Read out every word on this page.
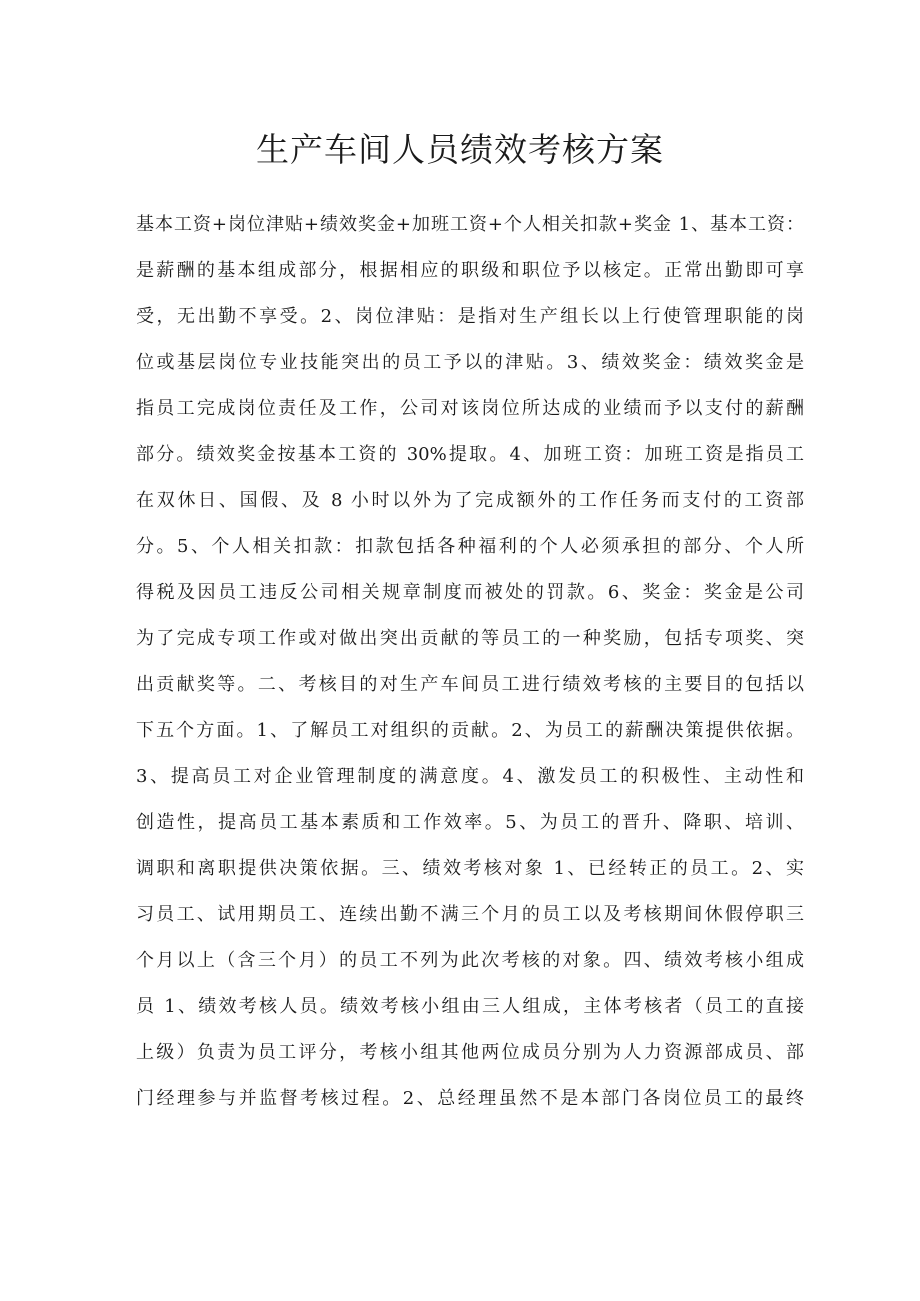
生产车间人员绩效考核方案
基本工资+岗位津贴+绩效奖金+加班工资+个人相关扣款+奖金 1、基本工资：
是薪酬的基本组成部分，根据相应的职级和职位予以核定。正常出勤即可享
受，无出勤不享受。2、岗位津贴：是指对生产组长以上行使管理职能的岗
位或基层岗位专业技能突出的员工予以的津贴。3、绩效奖金：绩效奖金是
指员工完成岗位责任及工作，公司对该岗位所达成的业绩而予以支付的薪酬
部分。绩效奖金按基本工资的 30%提取。4、加班工资：加班工资是指员工
在双休日、国假、及 8 小时以外为了完成额外的工作任务而支付的工资部
分。5、个人相关扣款：扣款包括各种福利的个人必须承担的部分、个人所
得税及因员工违反公司相关规章制度而被处的罚款。6、奖金：奖金是公司
为了完成专项工作或对做出突出贡献的等员工的一种奖励，包括专项奖、突
出贡献奖等。二、考核目的对生产车间员工进行绩效考核的主要目的包括以
下五个方面。1、了解员工对组织的贡献。2、为员工的薪酬决策提供依据。
3、提高员工对企业管理制度的满意度。4、激发员工的积极性、主动性和
创造性，提高员工基本素质和工作效率。5、为员工的晋升、降职、培训、
调职和离职提供决策依据。三、绩效考核对象 1、已经转正的员工。2、实
习员工、试用期员工、连续出勤不满三个月的员工以及考核期间休假停职三
个月以上（含三个月）的员工不列为此次考核的对象。四、绩效考核小组成
员 1、绩效考核人员。绩效考核小组由三人组成，主体考核者（员工的直接
上级）负责为员工评分，考核小组其他两位成员分别为人力资源部成员、部
门经理参与并监督考核过程。2、总经理虽然不是本部门各岗位员工的最终
